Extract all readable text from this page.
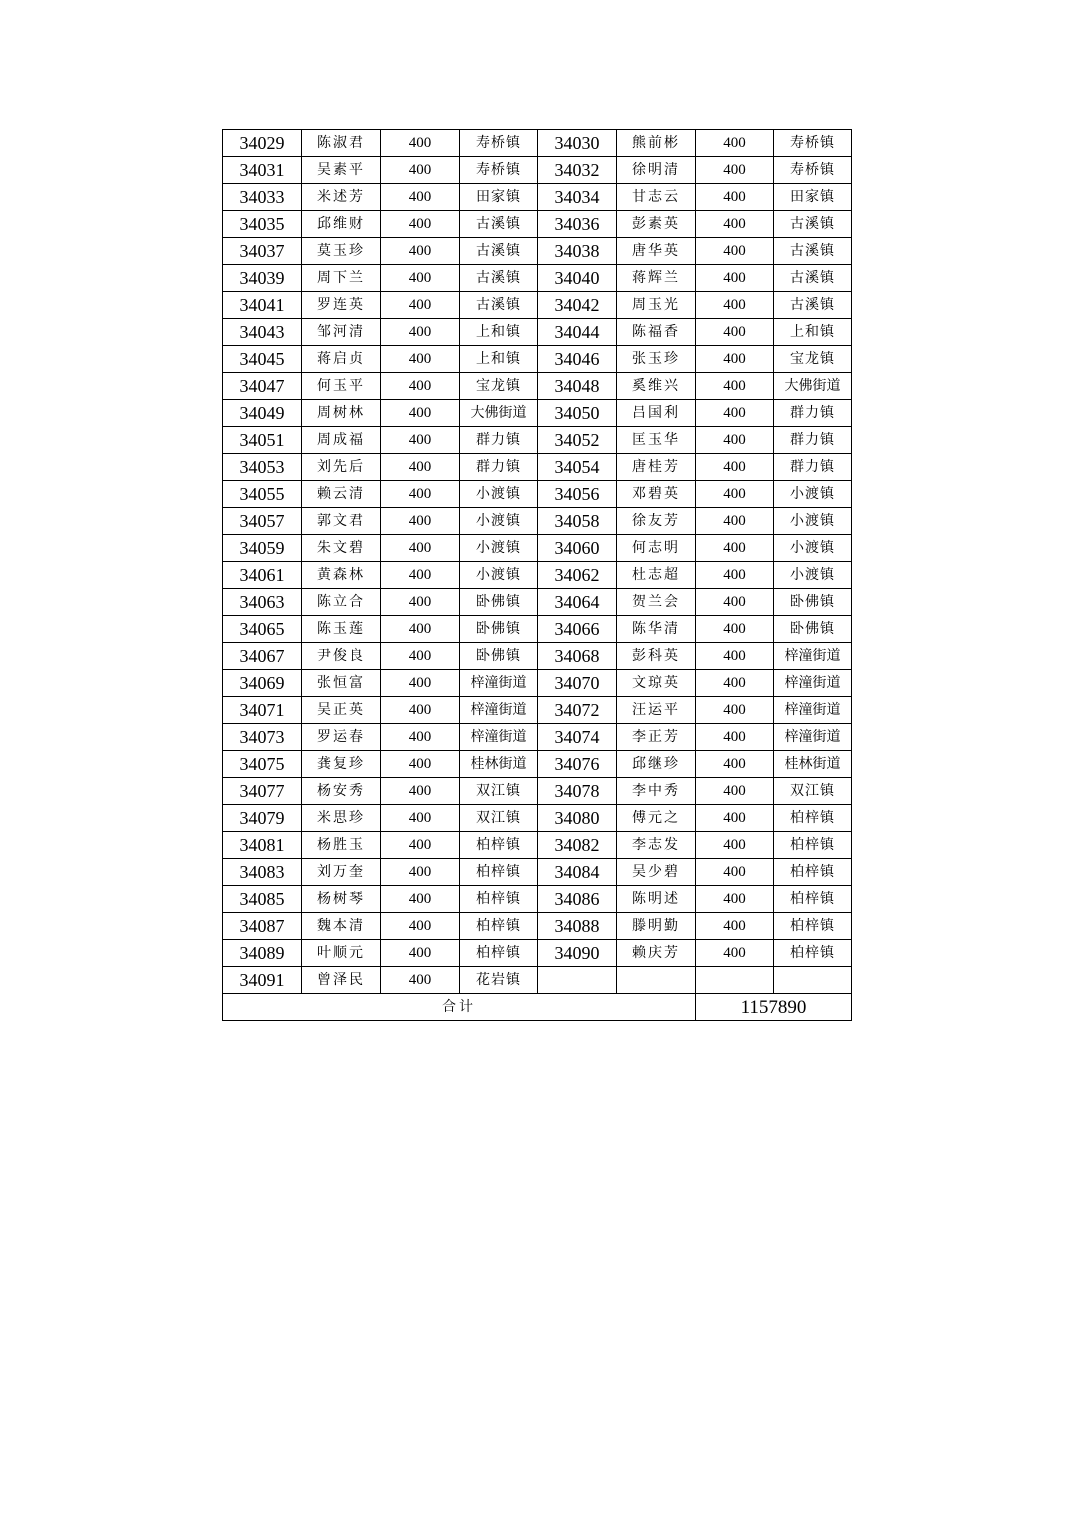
34029	陈淑君	400	寿桥镇	34030	熊前彬	400	寿桥镇
34031	吴素平	400	寿桥镇	34032	徐明清	400	寿桥镇
34033	米述芳	400	田家镇	34034	甘志云	400	田家镇
34035	邱维财	400	古溪镇	34036	彭素英	400	古溪镇
34037	莫玉珍	400	古溪镇	34038	唐华英	400	古溪镇
34039	周下兰	400	古溪镇	34040	蒋辉兰	400	古溪镇
34041	罗连英	400	古溪镇	34042	周玉光	400	古溪镇
34043	邹河清	400	上和镇	34044	陈福香	400	上和镇
34045	蒋启贞	400	上和镇	34046	张玉珍	400	宝龙镇
34047	何玉平	400	宝龙镇	34048	奚维兴	400	大佛街道
34049	周树林	400	大佛街道	34050	吕国利	400	群力镇
34051	周成福	400	群力镇	34052	匡玉华	400	群力镇
34053	刘先后	400	群力镇	34054	唐桂芳	400	群力镇
34055	赖云清	400	小渡镇	34056	邓碧英	400	小渡镇
34057	郭文君	400	小渡镇	34058	徐友芳	400	小渡镇
34059	朱文碧	400	小渡镇	34060	何志明	400	小渡镇
34061	黄森林	400	小渡镇	34062	杜志超	400	小渡镇
34063	陈立合	400	卧佛镇	34064	贺兰会	400	卧佛镇
34065	陈玉莲	400	卧佛镇	34066	陈华清	400	卧佛镇
34067	尹俊良	400	卧佛镇	34068	彭科英	400	梓潼街道
34069	张恒富	400	梓潼街道	34070	文琼英	400	梓潼街道
34071	吴正英	400	梓潼街道	34072	汪运平	400	梓潼街道
34073	罗运春	400	梓潼街道	34074	李正芳	400	梓潼街道
34075	龚复珍	400	桂林街道	34076	邱继珍	400	桂林街道
34077	杨安秀	400	双江镇	34078	李中秀	400	双江镇
34079	米思珍	400	双江镇	34080	傅元之	400	柏梓镇
34081	杨胜玉	400	柏梓镇	34082	李志发	400	柏梓镇
34083	刘万奎	400	柏梓镇	34084	吴少碧	400	柏梓镇
34085	杨树琴	400	柏梓镇	34086	陈明述	400	柏梓镇
34087	魏本清	400	柏梓镇	34088	滕明勤	400	柏梓镇
34089	叶顺元	400	柏梓镇	34090	赖庆芳	400	柏梓镇
34091	曾泽民	400	花岩镇				
合计						1157890	
